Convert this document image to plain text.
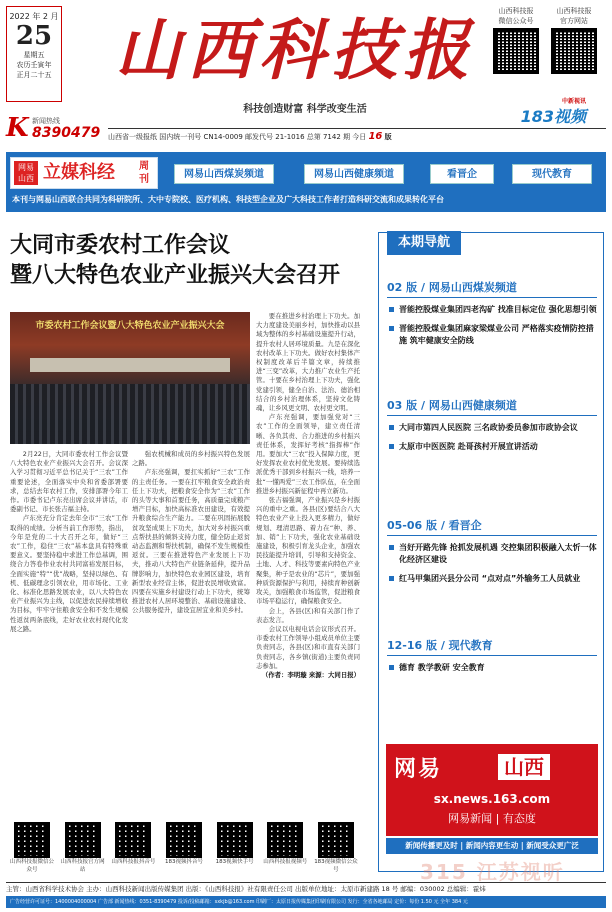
2022 年 2 月
25
星期五
农历壬寅年
正月二十五
K 新闻热线
8390479
山西科技报
科技创造财富 科学改变生活
山西科技报
微信公众号
山西科技报
官方网站
中新视讯
183视频
山西省一级报纸 国内统一刊号 CN14-0009 邮发代号 21-1016 总第 7142 期 今日 16 版
网易 山西 立媒科经 周刊	网易山西煤炭频道	网易山西健康频道	看晋企	现代教育
本刊与网易山西联合共同为科研院所、大中专院校、医疗机构、科技型企业及广大科技工作者打造科研交流和成果转化平台
大同市委农村工作会议
暨八大特色农业产业振兴大会召开
市委农村工作会议暨八大特色农业产业振兴大会

2月22日，大同市委农村工作会议暨八大特色农业产业振兴大会召开。会议深入学习贯彻习近平总书记关于“三农”工作重要论述，全面落实中央和省委部署要求，总结去年农村工作，安排部署今年工作。市委书记卢东亮出席会议并讲话，市委副书记、市长张吉福主持。

卢东亮充分肯定去年全市“三农”工作取得的成绩。分析当前工作形势，指出，今年是党的二十大召开之年，做好“三农”工作，稳住“三农”基本盘具有特殊重要意义。要坚持稳中求进工作总基调，围绕合力答卷作业农村共同富裕发展目标，全面实施“特”“优”战略，坚持以绿色、有机、低碳理念引领农业，用市场化、工业化、标准化思路发展农业，以八大特色农业产业振兴为主线，以促进农民持续增收为目标，牢牢守住粮食安全和不发生规模性返贫两条底线，走好农业农村现代化发展之路。

强农机械和成员的乡村振兴特色发展之路。

卢东亮强调，要扛实抓好“三农”工作的主责任务。一要在扛牢粮食安全政治责任上下功夫，把粮食安全作为“三农”工作的头等大事和首要任务，高质量完成粮产增产目标，加快高标准农田建设，有效提升粮食综合生产能力。二要在巩固拓展脱贫攻坚成果上下功夫，加大对乡村振兴重点帮扶县的倾斜支持力度，健全防止返贫动态监测和帮扶机制，确保不发生规模性返贫。三要在推进特色产业发展上下功夫，推动八大特色产业链条延伸，提升品牌影响力，加快特色农业园区建设，培育新型农业经营主体，促进农民增收致富。四要在实施乡村建设行动上下功夫，统筹推进农村人居环境整治、基础设施建设、公共服务提升，建设宜居宜业和美乡村。

要在推进乡村治理上下功夫。加大力度建设美丽乡村，加快推动以县域为整体的乡村基础设施提升行动，提升农村人居环境质量。九是在深化农村改革上下功夫。做好农村集体产权制度改革后半篇文章，持续推进“三变”改革，大力推广农业生产托管。十要在乡村治理上下功夫，强化党建引领，健全自治、法治、德治相结合的乡村治理体系，坚持文化铸魂，让乡风更文明、农村更文明。

卢东亮强调，要加强党对“三农”工作的全面领导，建立责任清晰、各负其责、合力推进的乡村振兴责任体系，发挥好考核“指挥棒”作用。要加大“三农”投入保障力度，更好发挥农业农村优先发展。要持续选派优秀干部到乡村振兴一线，培养一批“一懂两爱”三农工作队伍，在全面推进乡村振兴新征程中再立新功。

张吉福强调，产业振兴是乡村振兴的重中之重。各县(区)要结合八大特色农业产业上投入更多精力，做好规划、理清思路、着力在“种、养、加、销”上下功夫，强化农业基础设施建设，积极引育龙头企业，加强农民技能提升培训，引导和支持资金、土地、人才、科技等要素向特色产业聚集，种子是农业的“芯片”，要加强种质资源保护与利用，持续育种创新攻关，加强粮食市场监管，促进粮食市场平稳运行，确保粮食安全。

会上，各县(区)和有关部门作了表态发言。

会议以电视电话会议形式召开。市委农村工作领导小组成员单位主要负责同志，各县(区)和市直有关部门负责同志，各乡镇(街道)主要负责同志参加。

（作者：李明璇 来源：大同日报）
山西科技报微信公众号
山西科技报官方网站
山西科技报抖音号	183视频抖音号	183视频快手号	山西科技报视频号 183视频微信公众号
本期导航
02 版 / 网易山西煤炭频道
晋能控股煤业集团四老沟矿 找准目标定位 强化思想引领
晋能控股煤业集团麻家梁煤业公司 严格落实疫情防控措施 筑牢健康安全防线
03 版 / 网易山西健康频道
大同市第四人民医院 三名政协委员参加市政协会议
太原市中医医院 赴哥孩村开展宣讲活动
05-06 版 / 看晋企
当好开路先锋 抢抓发展机遇 交控集团积极融入太忻一体化经济区建设
红马甲集团兴县分公司 “点对点”外输务工人员就业
12-16 版 / 现代教育
德育 教学教研 安全教育
网易	山西
sx.news.163.com
网易新闻 | 有态度
新闻传播更及时 | 新闻内容更生动 | 新闻受众更广泛
315 江苏视听
主管：山西省科学技术协会 主办：山西科技新闻出版传媒集团 出版：《山西科技报》社有限责任公司 出版单位地址：太原市新建路 18 号 邮编：030002 总编辑：霍炜
广告经营许可证号：1400004000004 广告部 新闻热线：0351-8390479 投诉/投稿邮箱：sxkjb@163.com 印刷厂：太原日报传媒集团印刷有限公司 发行：全省各地邮局 定价：每份 1.50 元 全年 384 元
